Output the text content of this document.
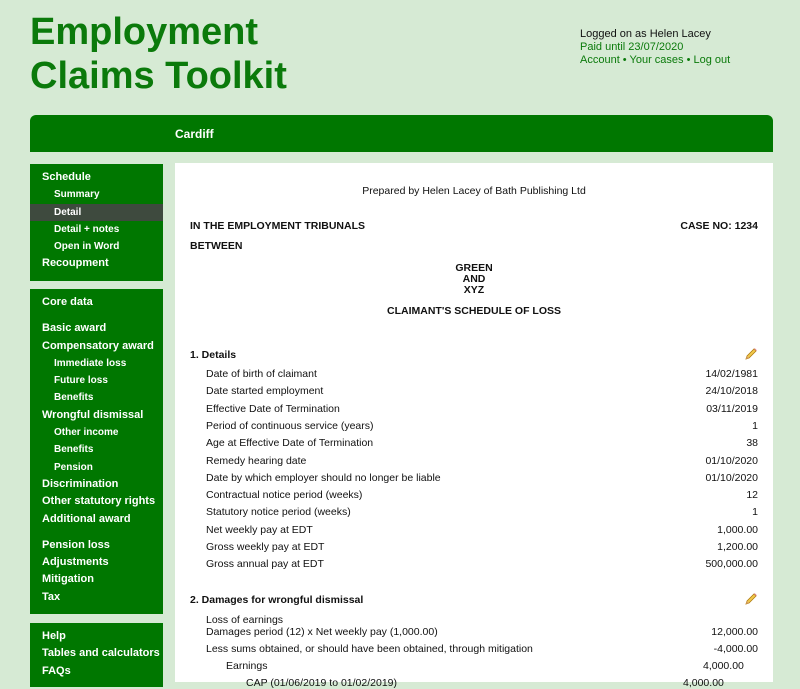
Employment
Claims Toolkit
Logged on as Helen Lacey
Paid until 23/07/2020
Account • Your cases • Log out
Cardiff
Schedule
Summary
Detail
Detail + notes
Open in Word
Recoupment
Core data
Basic award
Compensatory award
Immediate loss
Future loss
Benefits
Wrongful dismissal
Other income
Benefits
Pension
Discrimination
Other statutory rights
Additional award
Pension loss
Adjustments
Mitigation
Tax
Help
Tables and calculators
FAQs
Prepared by Helen Lacey of Bath Publishing Ltd
IN THE EMPLOYMENT TRIBUNALS	CASE NO: 1234
BETWEEN
GREEN
AND
XYZ
CLAIMANT'S SCHEDULE OF LOSS
1. Details
Date of birth of claimant	14/02/1981
Date started employment	24/10/2018
Effective Date of Termination	03/11/2019
Period of continuous service (years)	1
Age at Effective Date of Termination	38
Remedy hearing date	01/10/2020
Date by which employer should no longer be liable	01/10/2020
Contractual notice period (weeks)	12
Statutory notice period (weeks)	1
Net weekly pay at EDT	1,000.00
Gross weekly pay at EDT	1,200.00
Gross annual pay at EDT	500,000.00
2. Damages for wrongful dismissal
Loss of earnings
Damages period (12) x Net weekly pay (1,000.00)	12,000.00
Less sums obtained, or should have been obtained, through mitigation	-4,000.00
Earnings	4,000.00
CAP (01/06/2019 to 01/02/2019)	4,000.00
